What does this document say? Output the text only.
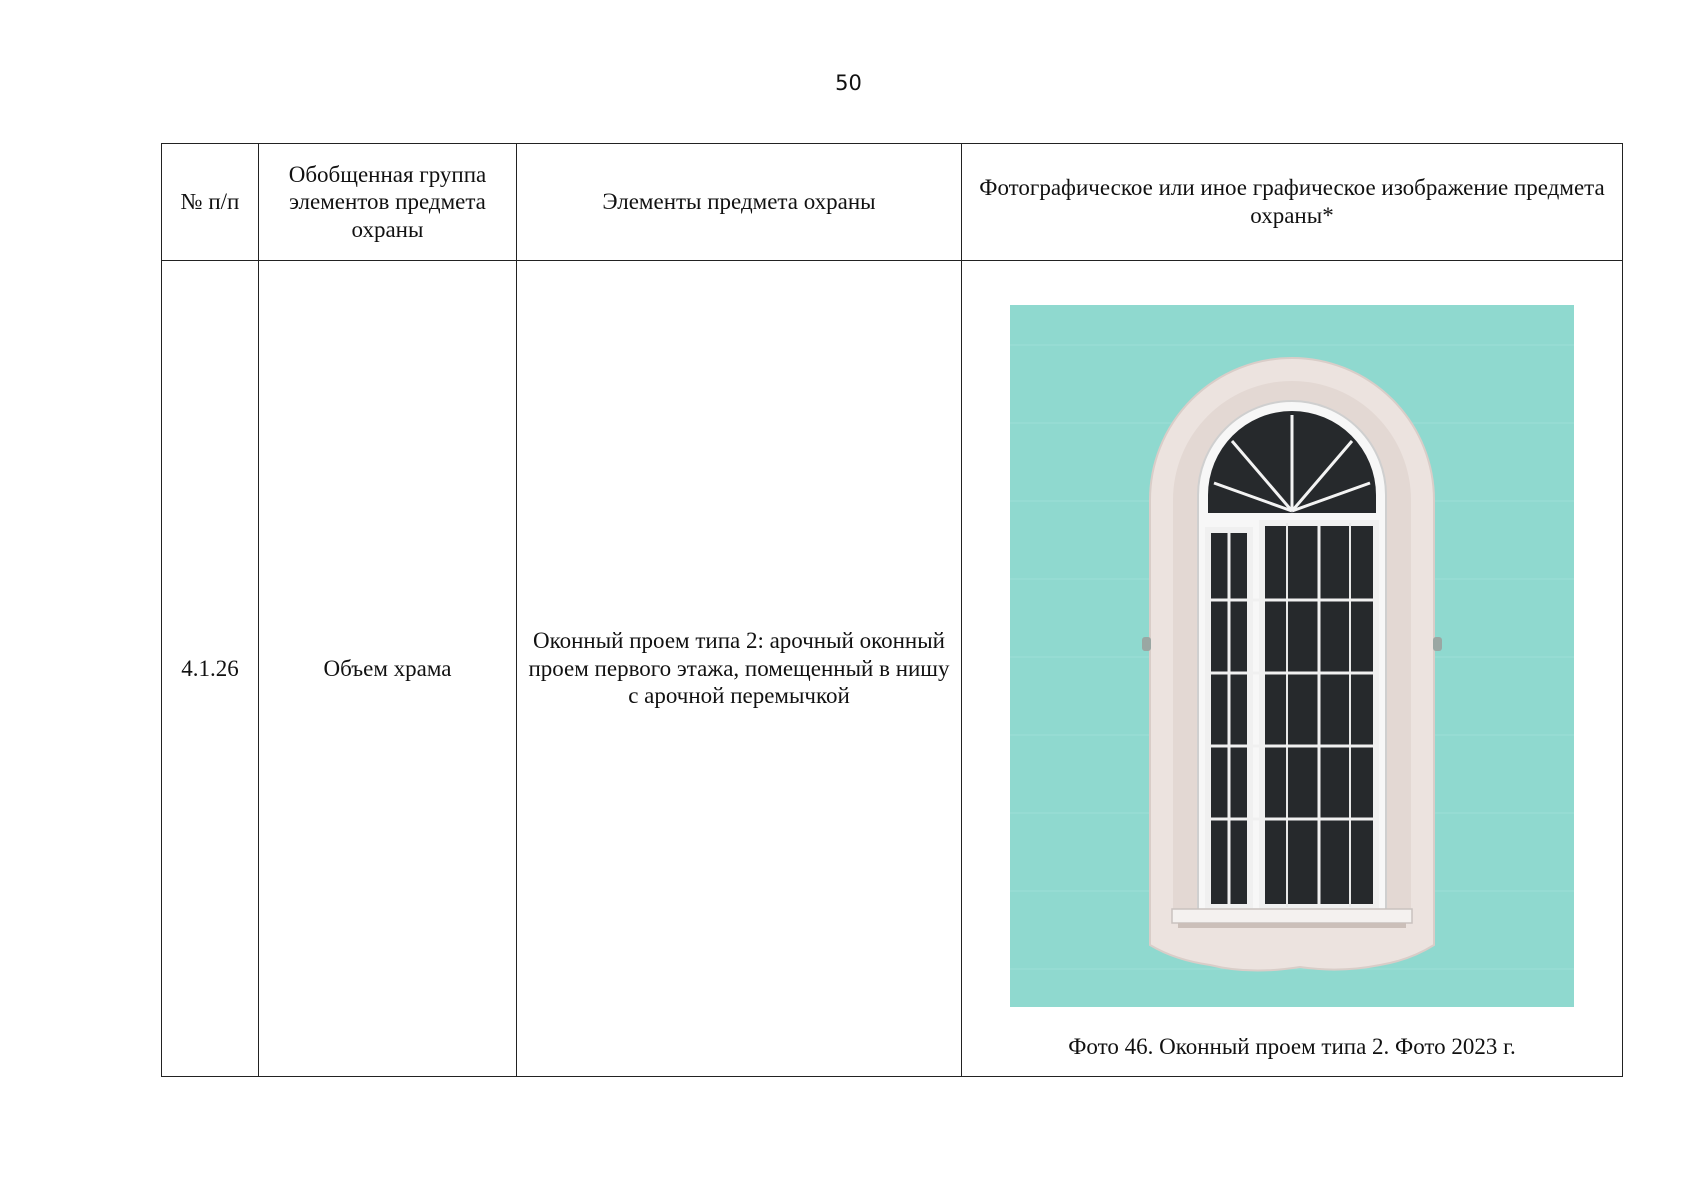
50
№ п/п	Обобщенная группа элементов предмета охраны	Элементы предмета охраны	Фотографическое или иное графическое изображение предмета охраны*
4.1.26	Объем храма	Оконный проем типа 2: арочный оконный проем первого этажа, помещенный в нишу с арочной перемычкой	Фото 46. Оконный проем типа 2. Фото 2023 г.
